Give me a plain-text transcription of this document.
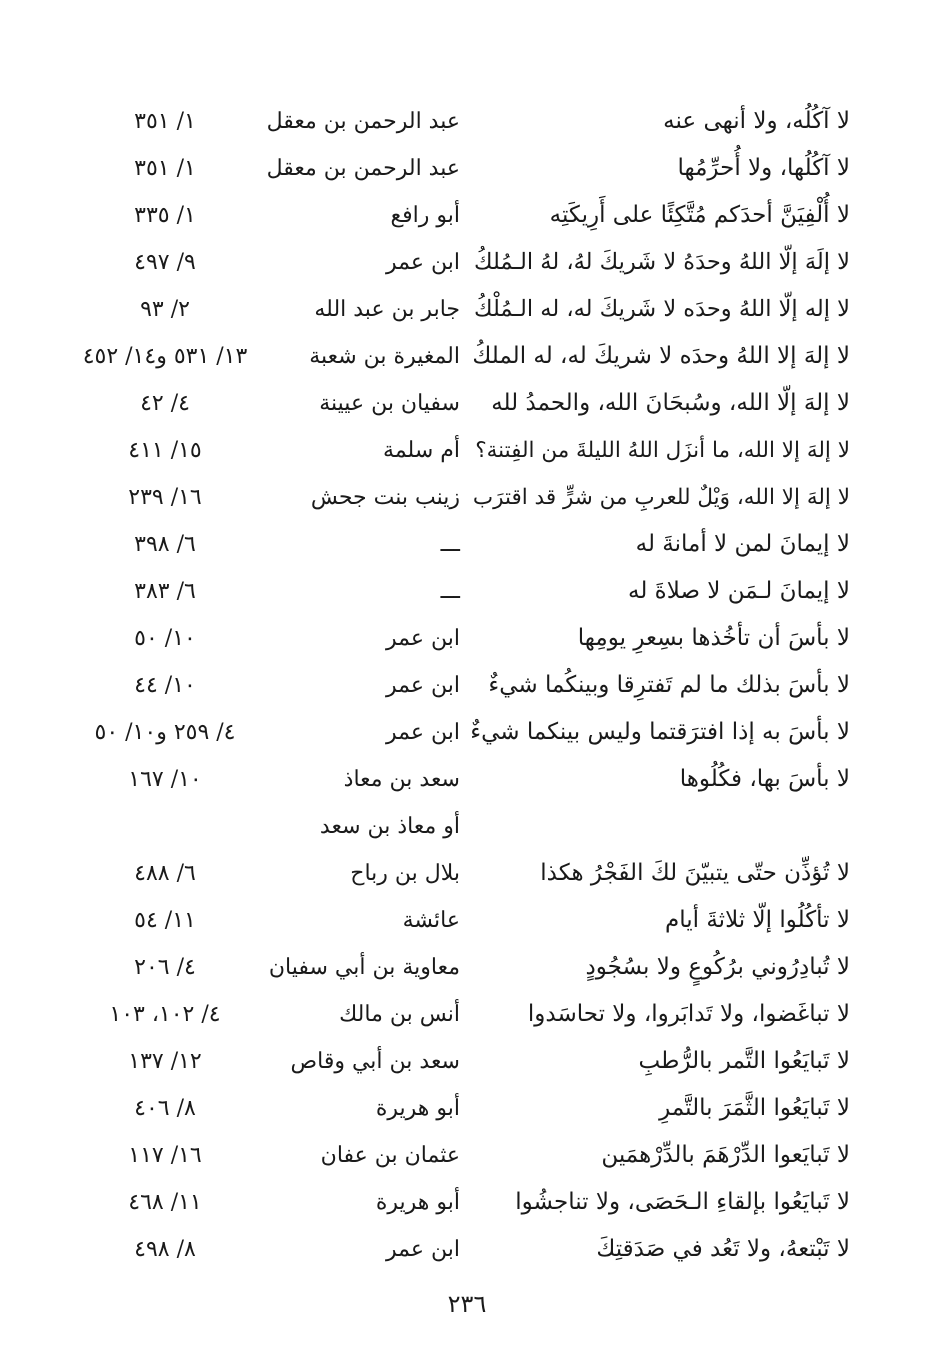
لا آكُلُه، ولا أنهى عنه
عبد الرحمن بن معقل
١/ ٣٥١
لا آكُلُها، ولا أُحرِّمُها
عبد الرحمن بن معقل
١/ ٣٥١
لا أُلْفِيَنَّ أحدَكم مُتَّكِئًا على أَرِيكَتِه
أبو رافع
١/ ٣٣٥
لا إلَهَ إلّا اللهُ وحدَهُ لا شَريكَ لهُ، لهُ الـمُلكُ
ابن عمر
٩/ ٤٩٧
لا إله إلّا اللهُ وحدَه لا شَريكَ له، له الـمُلْكُ
جابر بن عبد الله
٢/ ٩٣
لا إلهَ إلا اللهُ وحدَه لا شريكَ له، له الملكُ
المغيرة بن شعبة
١٣/ ٥٣١ و١٤/ ٤٥٢
لا إلهَ إلّا الله، وسُبحَانَ الله، والحمدُ لله
سفيان بن عيينة
٤/ ٤٢
لا إلهَ إلا الله، ما أنزَل اللهُ الليلةَ من الفِتنة؟
أم سلمة
١٥/ ٤١١
لا إلهَ إلا الله، وَيْلٌ للعربِ من شرٍّ قد اقترَب
زينب بنت جحش
١٦/ ٢٣٩
لا إيمانَ لمن لا أمانةَ له
ـــ
٦/ ٣٩٨
لا إيمانَ لـمَن لا صلاةَ له
ـــ
٦/ ٣٨٣
لا بأسَ أن تأخُذها بسِعرِ يومِها
ابن عمر
١٠/ ٥٠
لا بأسَ بذلك ما لم تَفترِقا وبينكُما شيءٌ
ابن عمر
١٠/ ٤٤
لا بأسَ به إذا افترَقتما وليس بينكما شيءٌ
ابن عمر
٤/ ٢٥٩ و١٠/ ٥٠
لا بأسَ بها، فكُلُوها
سعد بن معاذ
١٠/ ١٦٧
أو معاذ بن سعد
لا تُؤذِّن حتّى يتبيّنَ لكَ الفَجْرُ هكذا
بلال بن رباح
٦/ ٤٨٨
لا تأكُلُوا إلّا ثلاثةَ أيام
عائشة
١١/ ٥٤
لا تُبادِرُوني برُكُوعٍ ولا بسُجُودٍ
معاوية بن أبي سفيان
٤/ ٢٠٦
لا تباغَضوا، ولا تَدابَروا، ولا تحاسَدوا
أنس بن مالك
٤/ ١٠٢، ١٠٣
لا تَبايَعُوا التَّمر بالرُّطبِ
سعد بن أبي وقاص
١٢/ ١٣٧
لا تَبايَعُوا الثَّمَرَ بالتَّمرِ
أبو هريرة
٨/ ٤٠٦
لا تَبايَعوا الدِّرْهَمَ بالدِّرْهمَين
عثمان بن عفان
١٦/ ١١٧
لا تَبايَعُوا بإلقاءِ الـحَصَى، ولا تناجشُوا
أبو هريرة
١١/ ٤٦٨
لا تَبْتعهُ، ولا تَعُد في صَدَقتِكَ
ابن عمر
٨/ ٤٩٨
٢٣٦
